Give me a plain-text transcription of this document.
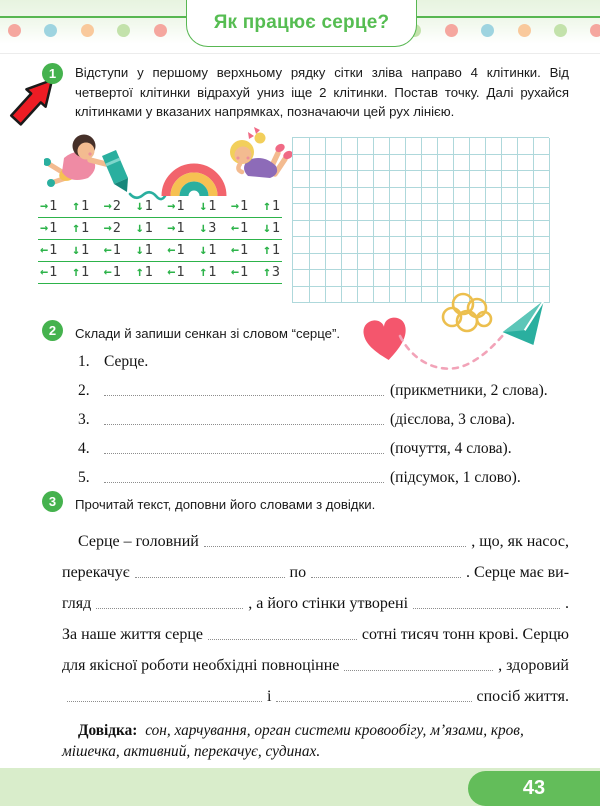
Як працює серце?
1	Відступи у першому верхньому рядку сітки зліва направо 4 клітинки. Від четвертої клітинки відрахуй униз іще 2 клітинки. Постав точку. Далі рухайся клітинками у вказаних напрямках, позначаючи цей рух лінією.

→1 ↑1 →2 ↓1 →1 ↓1 →1 ↑1
→1 ↑1 →2 ↓1 →1 ↓3 ←1 ↓1
←1 ↓1 ←1 ↓1 ←1 ↓1 ←1 ↑1
←1 ↑1 ←1 ↑1 ←1 ↑1 ←1 ↑3
2	Склади й запиши сенкан зі словом “серце”.

1. Серце.
2.	(прикметники, 2 слова).
3.	(дієслова, 3 слова).
4.	(почуття, 4 слова).
5.	(підсумок, 1 слово).
3	Прочитай текст, доповни його словами з довідки.

Серце – головний	, що, як насос,
перекачує	по	. Серце має ви-
гляд	, а його стінки утворені	.
За наше життя серце	сотні тисяч тонн крові. Серцю
для якісної роботи необхідні повноцінне	, здоровий
і	спосіб життя.

Довідка: сон, харчування, орган системи кровообігу, м’язами, кров, мішечка, активний, перекачує, судинах.

43
